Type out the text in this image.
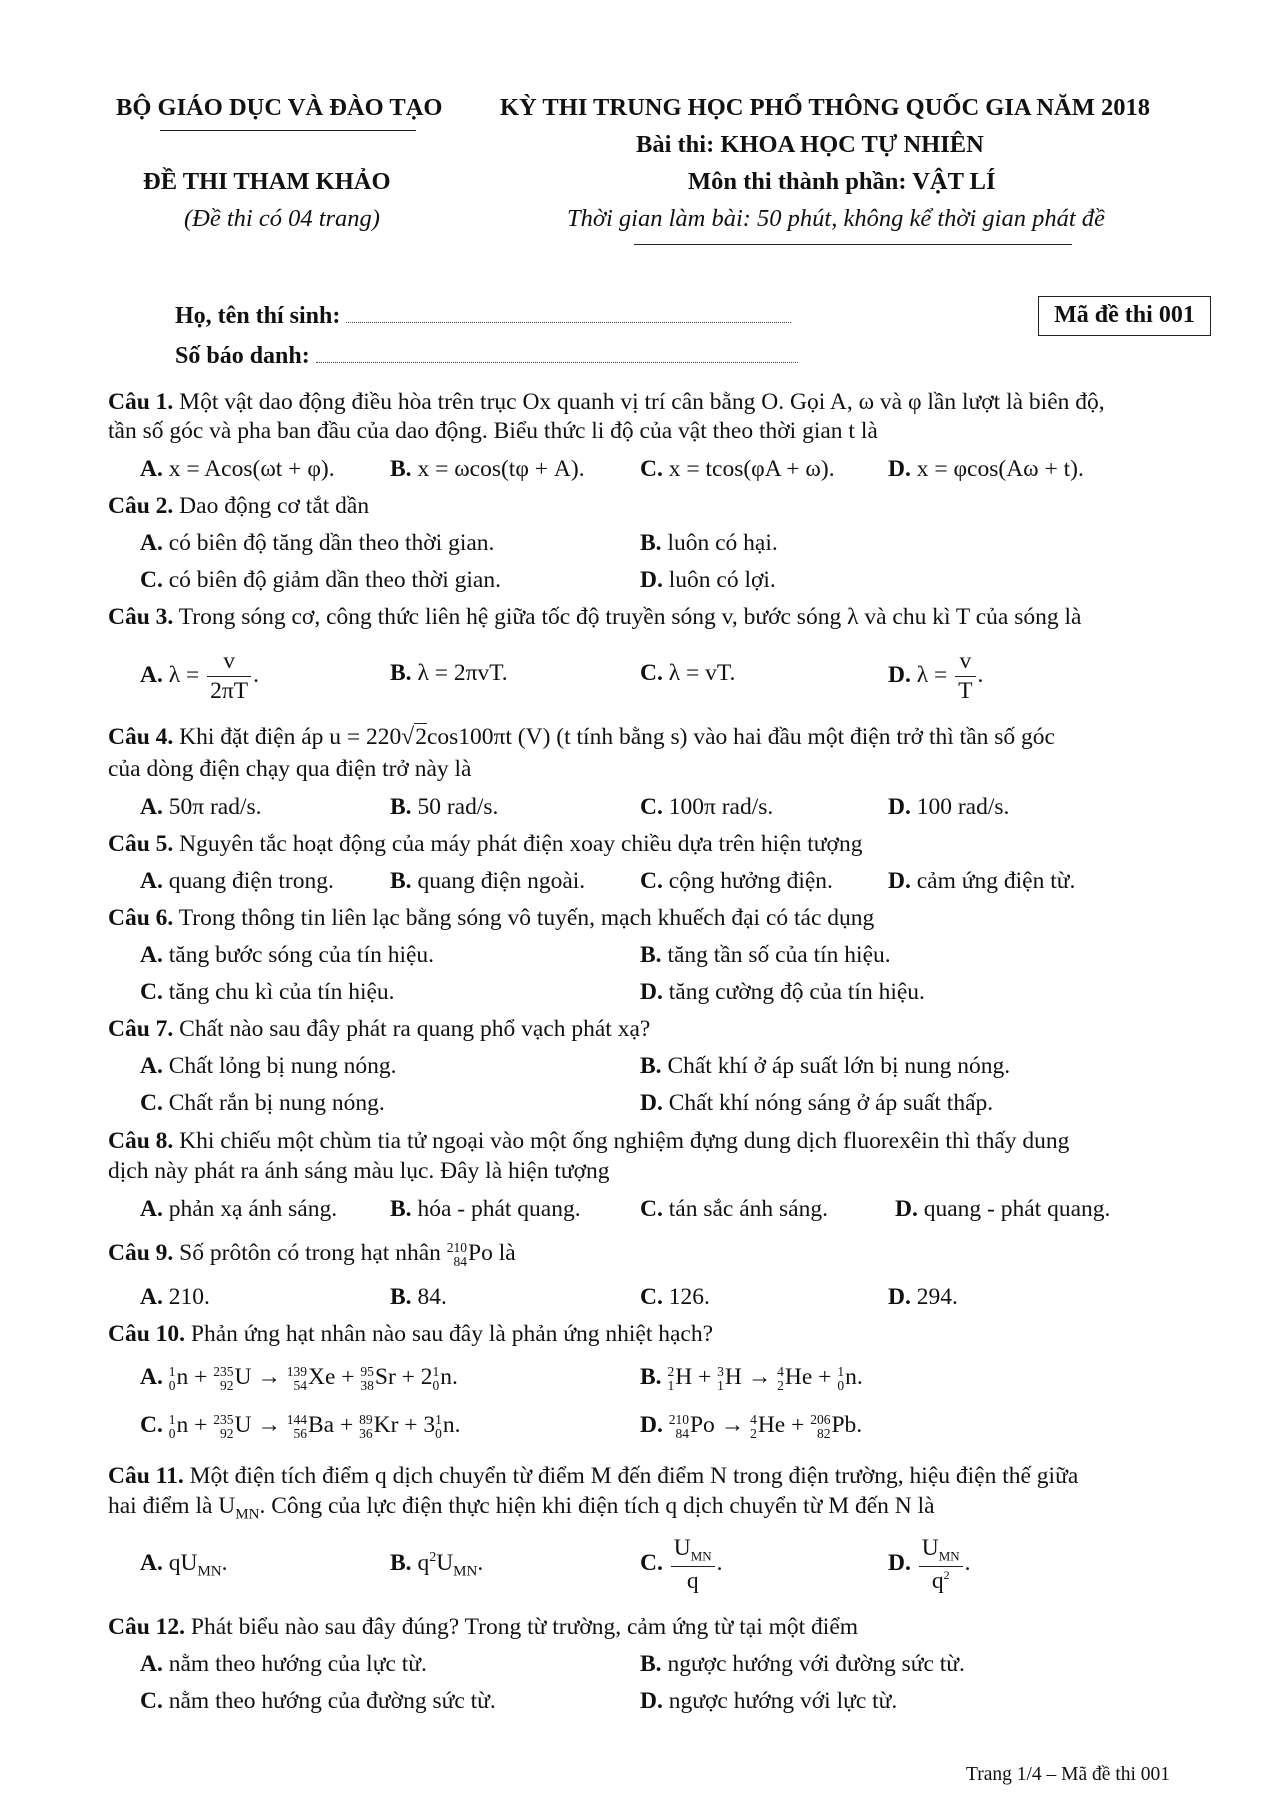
BỘ GIÁO DỤC VÀ ĐÀO TẠO KỲ THI TRUNG HỌC PHỔ THÔNG QUỐC GIA NĂM 2018
Bài thi: KHOA HỌC TỰ NHIÊN
ĐỀ THI THAM KHẢO	Môn thi thành phần: VẬT LÍ
(Đề thi có 04 trang)	Thời gian làm bài: 50 phút, không kể thời gian phát đề
Họ, tên thí sinh:
Số báo danh:
Mã đề thi 001
Câu 1. Một vật dao động điều hòa trên trục Ox quanh vị trí cân bằng O. Gọi A, ω và φ lần lượt là biên độ,
tần số góc và pha ban đầu của dao động. Biểu thức li độ của vật theo thời gian t là
A. x = Acos(ωt + φ). B. x = ωcos(tφ + A). C. x = tcos(φA + ω). D. x = φcos(Aω + t).
Câu 2. Dao động cơ tắt dần
A. có biên độ tăng dần theo thời gian.	B. luôn có hại.
C. có biên độ giảm dần theo thời gian.	D. luôn có lợi.
Câu 3. Trong sóng cơ, công thức liên hệ giữa tốc độ truyền sóng v, bước sóng λ và chu kì T của sóng là
A. $\lambda = \frac{v}{2\pi T}$ .	B. λ = 2πvT.	C. λ = vT.	D. $\lambda = \frac{v}{T}$ .
Câu 4. Khi đặt điện áp u = 220√2cos100πt (V) (t tính bằng s) vào hai đầu một điện trở thì tần số góc
của dòng điện chạy qua điện trở này là
A. 50π rad/s.	B. 50 rad/s.	C. 100π rad/s.	D. 100 rad/s.
Câu 5. Nguyên tắc hoạt động của máy phát điện xoay chiều dựa trên hiện tượng
A. quang điện trong. B. quang điện ngoài. C. cộng hưởng điện. D. cảm ứng điện từ.
Câu 6. Trong thông tin liên lạc bằng sóng vô tuyến, mạch khuếch đại có tác dụng
A. tăng bước sóng của tín hiệu.	B. tăng tần số của tín hiệu.
C. tăng chu kì của tín hiệu.	D. tăng cường độ của tín hiệu.
Câu 7. Chất nào sau đây phát ra quang phổ vạch phát xạ?
A. Chất lỏng bị nung nóng.	B. Chất khí ở áp suất lớn bị nung nóng.
C. Chất rắn bị nung nóng.	D. Chất khí nóng sáng ở áp suất thấp.
Câu 8. Khi chiếu một chùm tia tử ngoại vào một ống nghiệm đựng dung dịch fluorexêin thì thấy dung
dịch này phát ra ánh sáng màu lục. Đây là hiện tượng
A. phản xạ ánh sáng. B. hóa - phát quang.	C. tán sắc ánh sáng.	D. quang - phát quang.
Câu 9. Số prôtôn có trong hạt nhân 210
84 Po là
A. 210.	B. 84.	C. 126.	D. 294.
Câu 10. Phản ứng hạt nhân nào sau đây là phản ứng nhiệt hạch?
A. 1
0 n + 235
92 U → 139
54 Xe + 95
38 Sr + 2 1
0 n.	B. 2
1 H + 3
1 H → 4
2 He + 1
0 n.
C. 1
0 n + 235
92 U → 144
56 Ba + 89
36 Kr + 3 1
0 n.	D. 210
84 Po → 4
2 He + 206
82 Pb.
Câu 11. Một điện tích điểm q dịch chuyển từ điểm M đến điểm N trong điện trường, hiệu điện thế giữa
hai điểm là $U_{MN}$. Công của lực điện thực hiện khi điện tích q dịch chuyển từ M đến N là
A. $qU_{MN}$.	B. $q^2U_{MN}$.	C. $\frac{U_{MN}}{q}$ .	D. $\frac{U_{MN}}{q^2}$ .
Câu 12. Phát biểu nào sau đây đúng? Trong từ trường, cảm ứng từ tại một điểm
A. nằm theo hướng của lực từ.	B. ngược hướng với đường sức từ.
C. nằm theo hướng của đường sức từ.	D. ngược hướng với lực từ.
Trang 1/4 – Mã đề thi 001
